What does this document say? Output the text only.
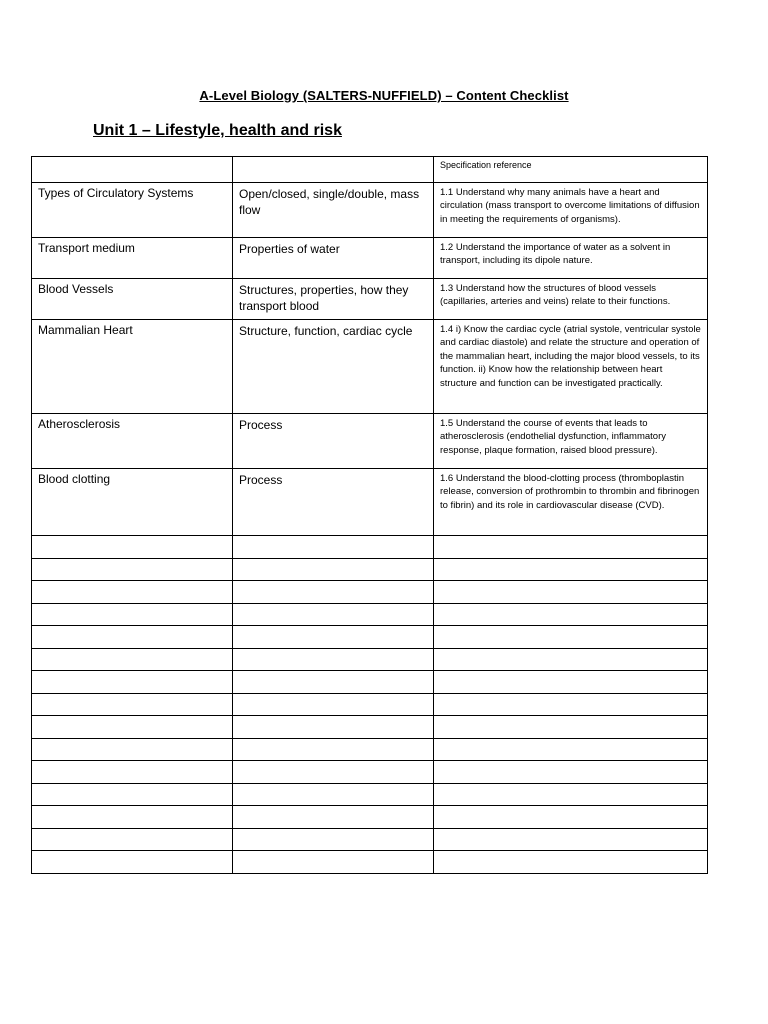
A-Level Biology (SALTERS-NUFFIELD) – Content Checklist
Unit 1 – Lifestyle, health and risk
		Specification reference
Types of Circulatory Systems	Open/closed, single/double, mass flow	1.1 Understand why many animals have a heart and circulation (mass transport to overcome limitations of diffusion in meeting the requirements of organisms).
Transport medium	Properties of water	1.2 Understand the importance of water as a solvent in transport, including its dipole nature.
Blood Vessels	Structures, properties, how they transport blood	1.3 Understand how the structures of blood vessels (capillaries, arteries and veins) relate to their functions.
Mammalian Heart	Structure, function, cardiac cycle	1.4 i) Know the cardiac cycle (atrial systole, ventricular systole and cardiac diastole) and relate the structure and operation of the mammalian heart, including the major blood vessels, to its function. ii) Know how the relationship between heart structure and function can be investigated practically.
Atherosclerosis	Process	1.5 Understand the course of events that leads to atherosclerosis (endothelial dysfunction, inflammatory response, plaque formation, raised blood pressure).
Blood clotting	Process	1.6 Understand the blood-clotting process (thromboplastin release, conversion of prothrombin to thrombin and fibrinogen to fibrin) and its role in cardiovascular disease (CVD).
